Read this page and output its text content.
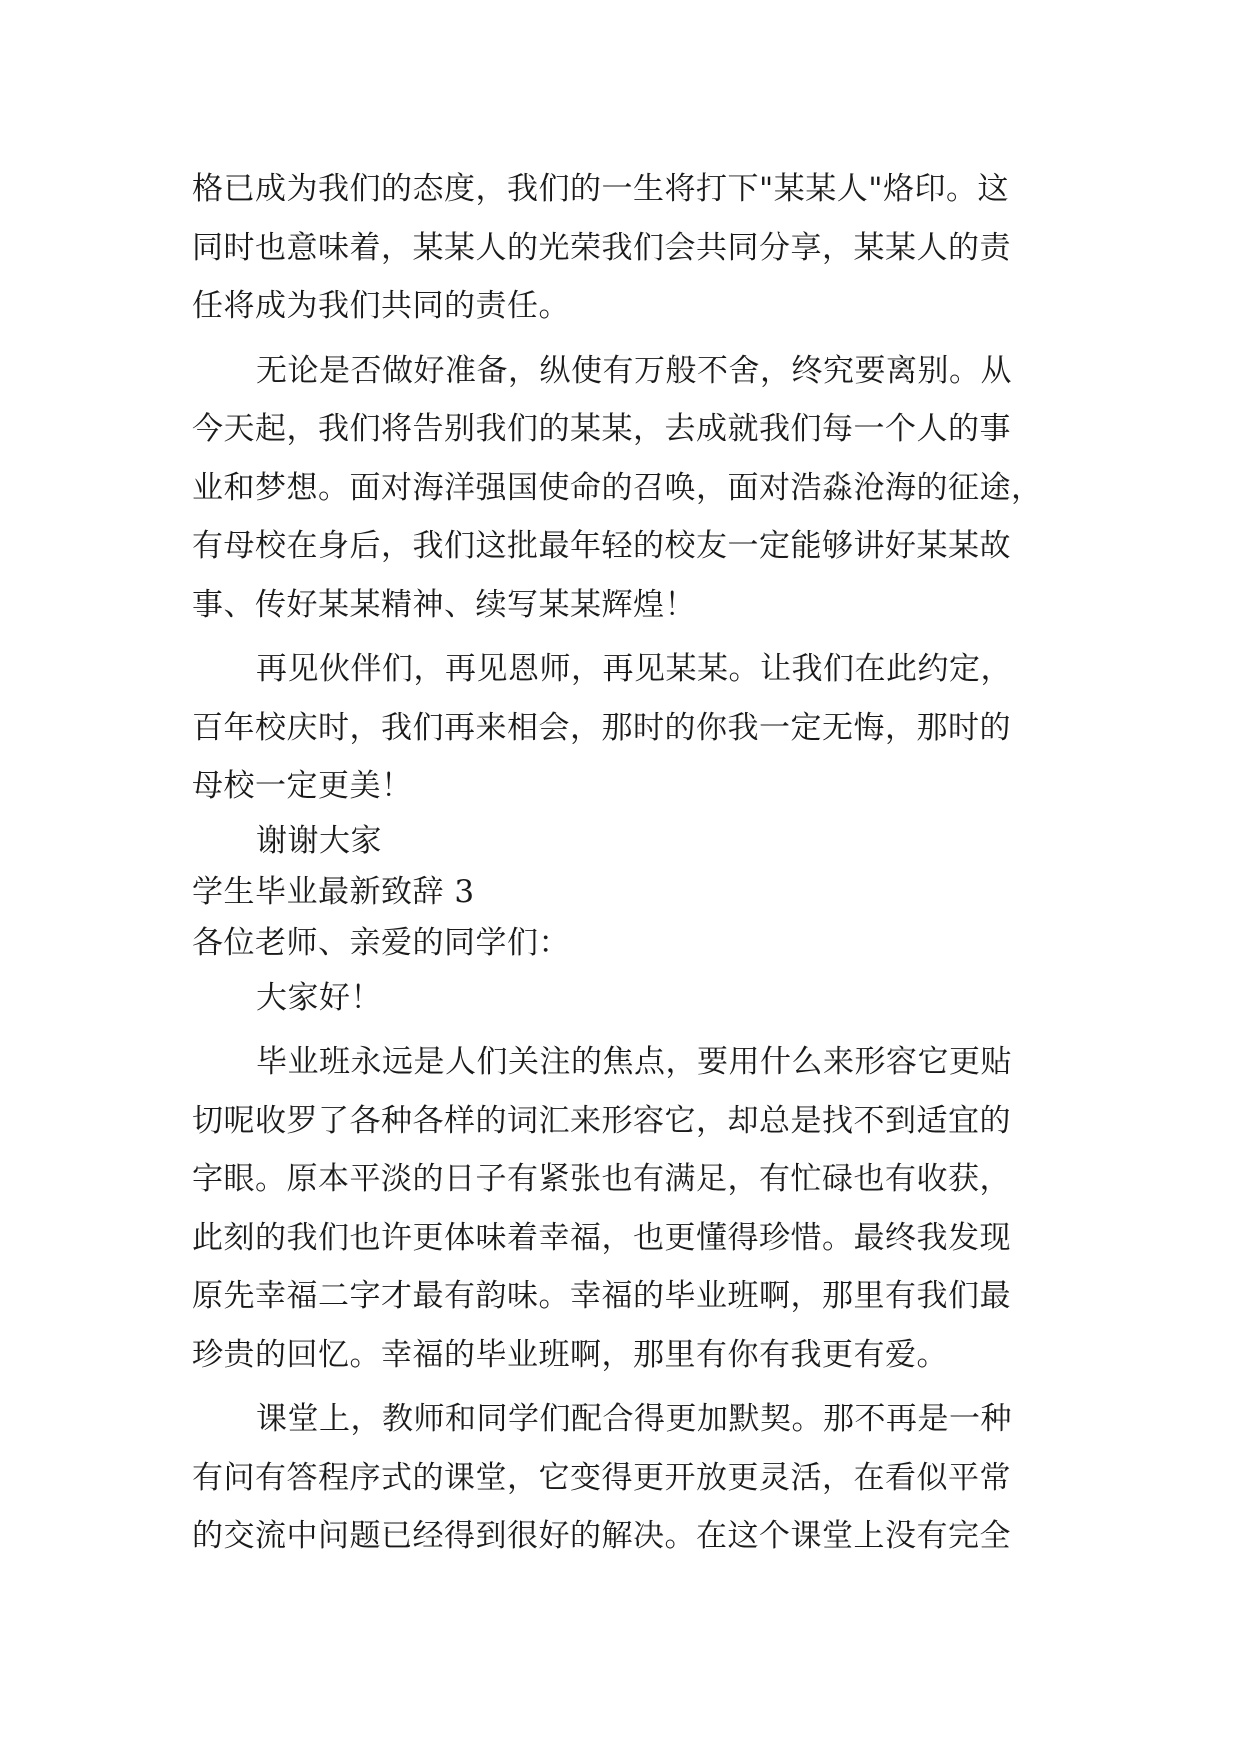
格已成为我们的态度，我们的一生将打下"某某人"烙印。这
同时也意味着，某某人的光荣我们会共同分享，某某人的责
任将成为我们共同的责任。
无论是否做好准备，纵使有万般不舍，终究要离别。从
今天起，我们将告别我们的某某，去成就我们每一个人的事
业和梦想。面对海洋强国使命的召唤，面对浩淼沧海的征途，
有母校在身后，我们这批最年轻的校友一定能够讲好某某故
事、传好某某精神、续写某某辉煌！
再见伙伴们，再见恩师，再见某某。让我们在此约定，
百年校庆时，我们再来相会，那时的你我一定无悔，那时的
母校一定更美！
谢谢大家
学生毕业最新致辞 3
各位老师、亲爱的同学们：
大家好！
毕业班永远是人们关注的焦点，要用什么来形容它更贴
切呢收罗了各种各样的词汇来形容它，却总是找不到适宜的
字眼。原本平淡的日子有紧张也有满足，有忙碌也有收获，
此刻的我们也许更体味着幸福，也更懂得珍惜。最终我发现
原先幸福二字才最有韵味。幸福的毕业班啊，那里有我们最
珍贵的回忆。幸福的毕业班啊，那里有你有我更有爱。
课堂上，教师和同学们配合得更加默契。那不再是一种
有问有答程序式的课堂，它变得更开放更灵活，在看似平常
的交流中问题已经得到很好的解决。在这个课堂上没有完全
